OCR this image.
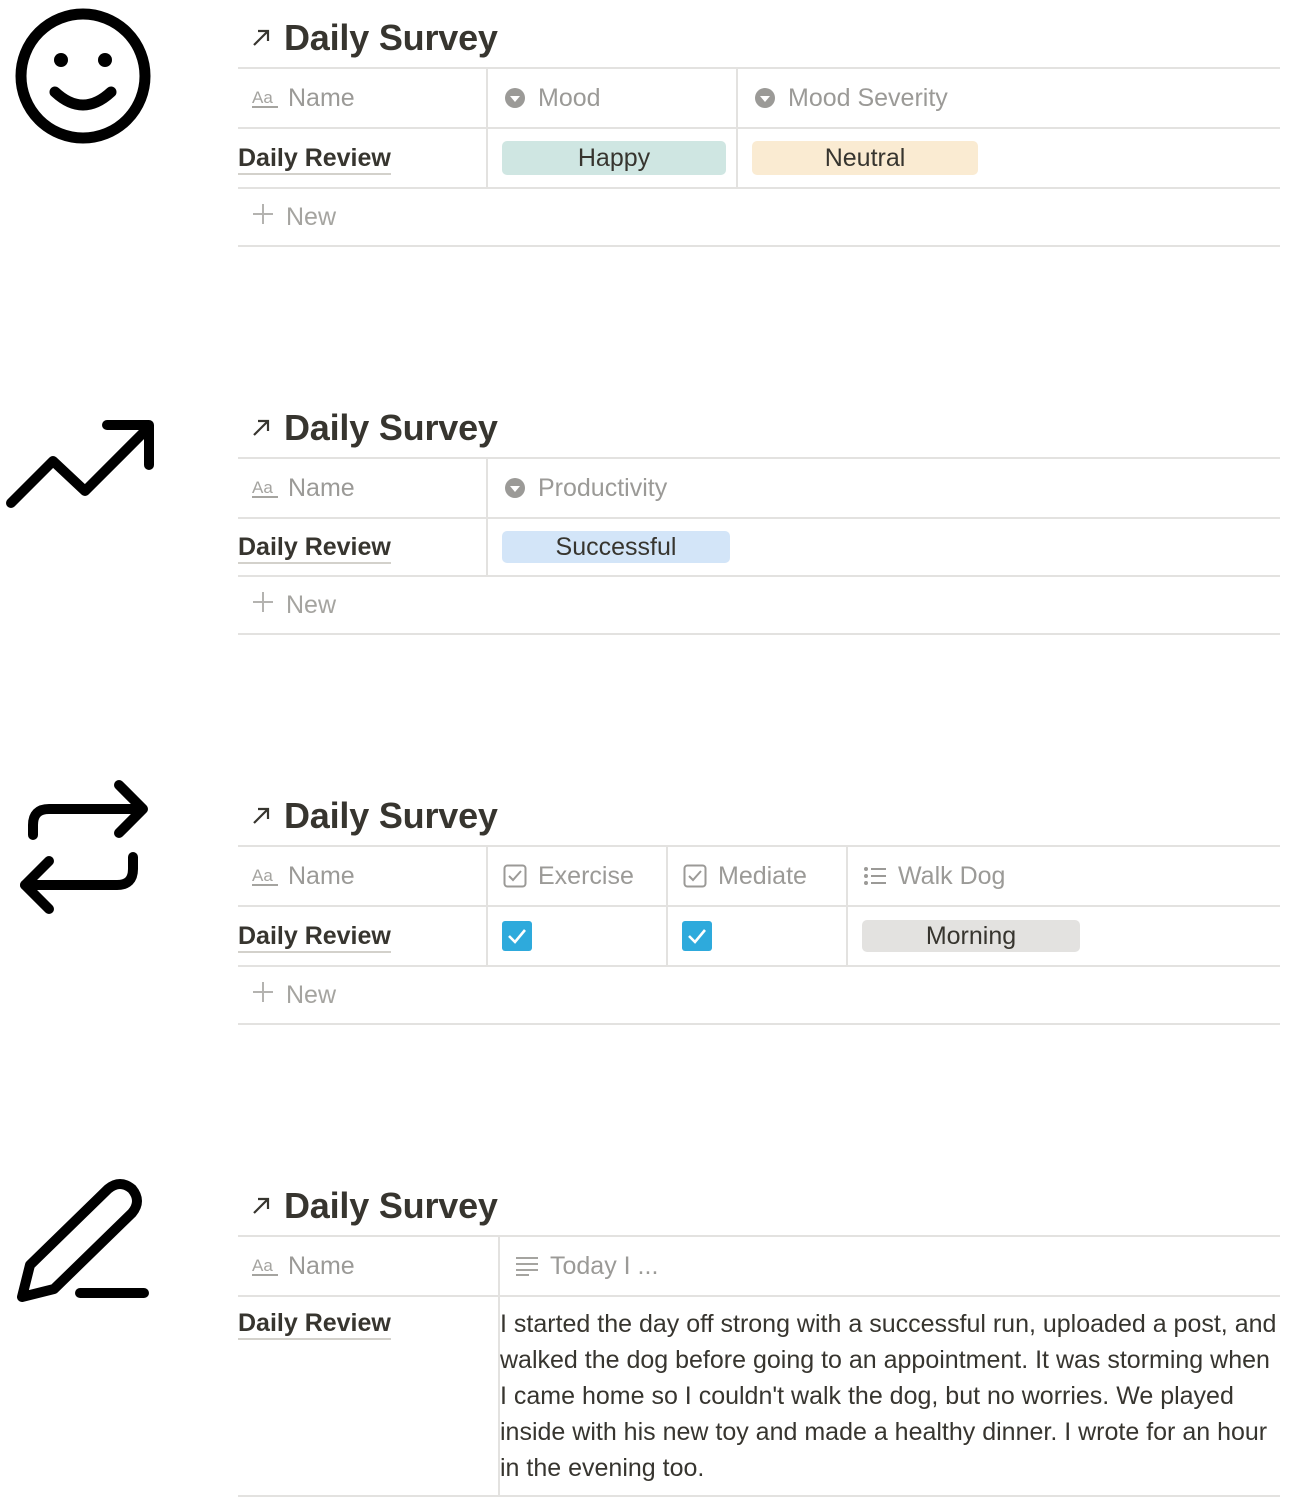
Daily Survey
Aa Name	Mood	Mood Severity

Daily Review	Happy	Neutral

New		
Daily Survey
Aa Name	Productivity

Daily Review	Successful

New	
Daily Survey
Aa Name	Exercise	Mediate	Walk Dog

Daily Review			Morning

New			
Daily Survey
Aa Name	Today I ...

Daily Review	I started the day off strong with a successful run, uploaded a post, and walked the dog before going to an appointment. It was storming when I came home so I couldn't walk the dog, but no worries. We played inside with his new toy and made a healthy dinner. I wrote for an hour in the evening too.
